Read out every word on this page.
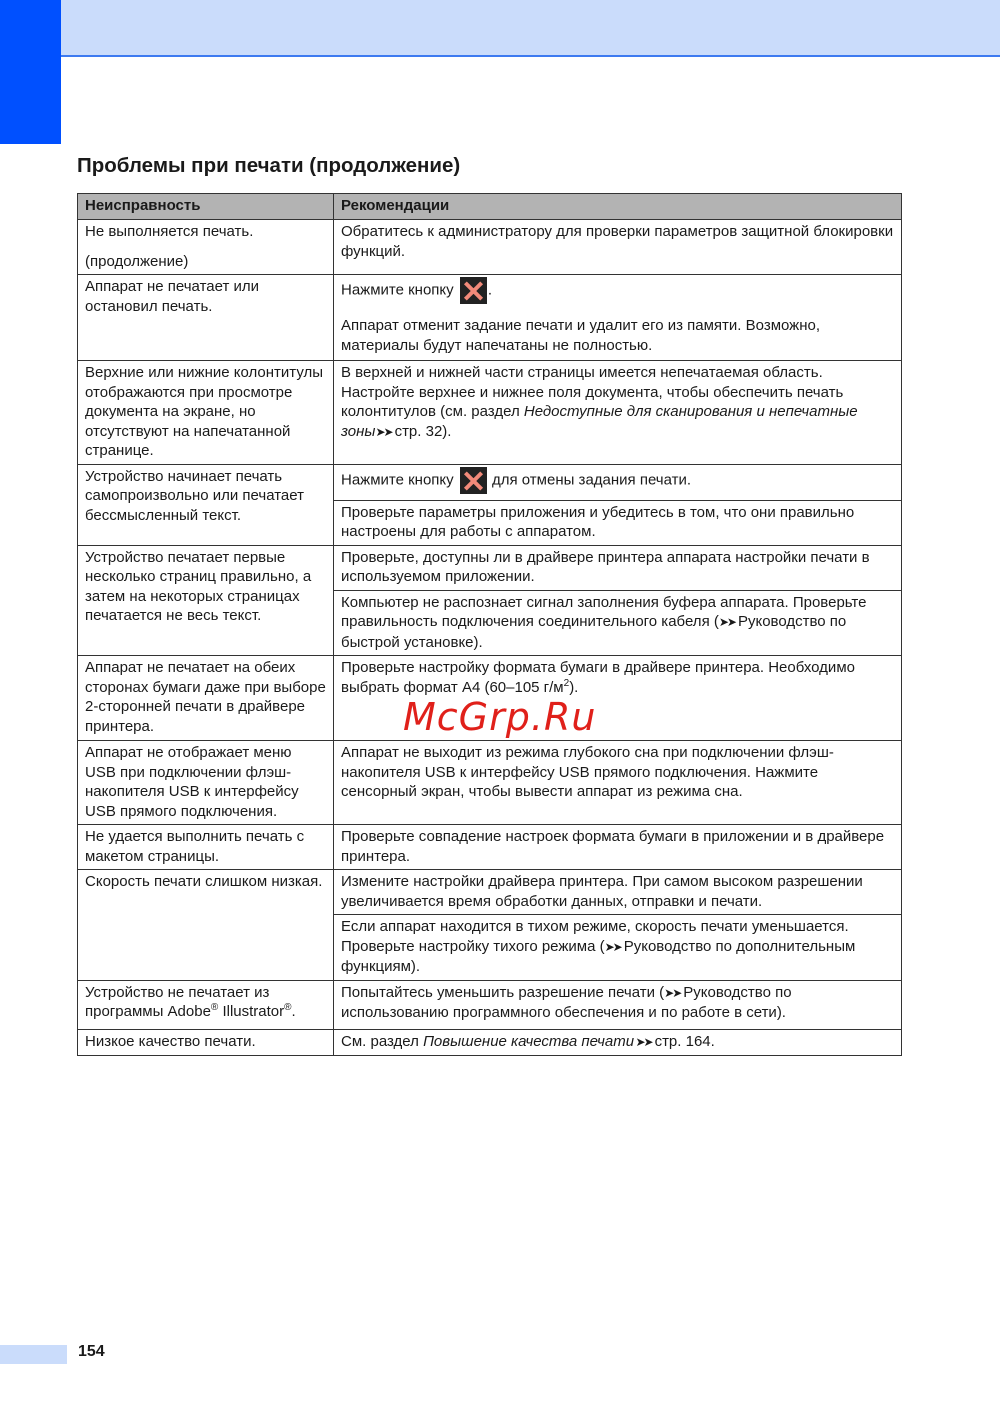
Проблемы при печати (продолжение)
Неисправность	Рекомендации

Не выполняется печать.
(продолжение)	Обратитесь к администратору для проверки параметров защитной блокировки функций.

Аппарат не печатает или остановил печать.	Нажмите кнопку .
Аппарат отменит задание печати и удалит его из памяти. Возможно, материалы будут напечатаны не полностью.

Верхние или нижние колонтитулы отображаются при просмотре документа на экране, но отсутствуют на напечатанной странице.	В верхней и нижней части страницы имеется непечатаемая область. Настройте верхнее и нижнее поля документа, чтобы обеспечить печать колонтитулов (см. раздел Недоступные для сканирования и непечатные зоны➤➤ стр. 32).

Устройство начинает печать самопроизвольно или печатает бессмысленный текст.	Нажмите кнопку  для отмены задания печати.
	Проверьте параметры приложения и убедитесь в том, что они правильно настроены для работы с аппаратом.

Устройство печатает первые несколько страниц правильно, а затем на некоторых страницах печатается не весь текст.	Проверьте, доступны ли в драйвере принтера аппарата настройки печати в используемом приложении.
	Компьютер не распознает сигнал заполнения буфера аппарата. Проверьте правильность подключения соединительного кабеля (➤➤ Руководство по быстрой установке).

Аппарат не печатает на обеих сторонах бумаги даже при выборе 2-сторонней печати в драйвере принтера.	Проверьте настройку формата бумаги в драйвере принтера. Необходимо выбрать формат A4 (60–105 $г/м^2$).
McGrp.Ru

Аппарат не отображает меню USB при подключении флэш-накопителя USB к интерфейсу USB прямого подключения.	Аппарат не выходит из режима глубокого сна при подключении флэш-накопителя USB к интерфейсу USB прямого подключения. Нажмите сенсорный экран, чтобы вывести аппарат из режима сна.

Не удается выполнить печать с макетом страницы.	Проверьте совпадение настроек формата бумаги в приложении и в драйвере принтера.

Скорость печати слишком низкая.	Измените настройки драйвера принтера. При самом высоком разрешении увеличивается время обработки данных, отправки и печати.
	Если аппарат находится в тихом режиме, скорость печати уменьшается. Проверьте настройку тихого режима (➤➤ Руководство по дополнительным функциям).

Устройство не печатает из программы Adobe® Illustrator®.	Попытайтесь уменьшить разрешение печати (➤➤ Руководство по использованию программного обеспечения и по работе в сети).

Низкое качество печати.	См. раздел Повышение качества печати ➤➤ стр. 164.
154
